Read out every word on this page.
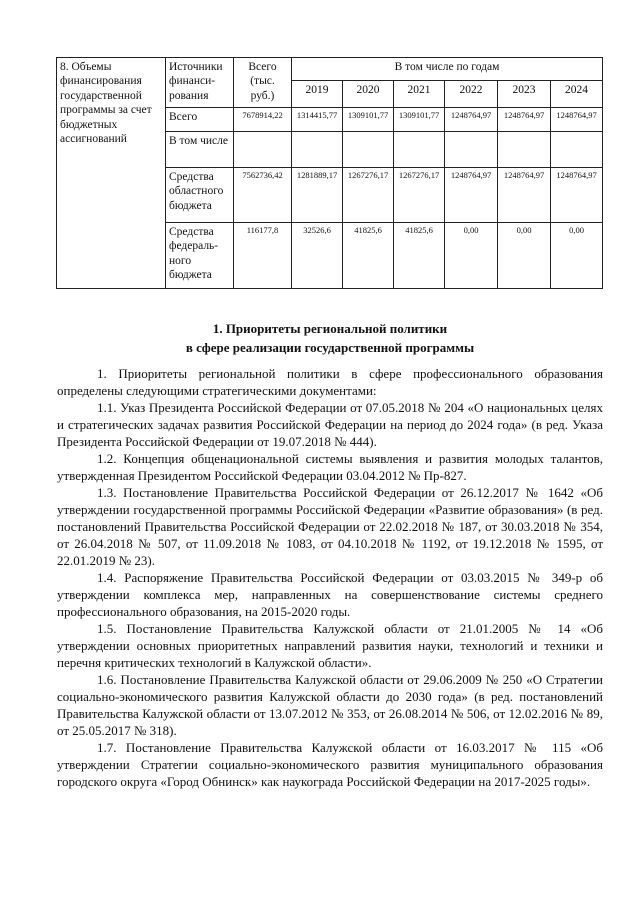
8. Объемы финансирования государственной программы за счет бюджетных ассигнований	Источники финанси-рования	Всего (тыс. руб.)	В том числе по годам					
			2019	2020	2021	2022	2023	2024
	Всего	7678914,22	1314415,77	1309101,77	1309101,77	1248764,97	1248764,97	1248764,97
	В том числе							
	Средства областного бюджета	7562736,42	1281889,17	1267276,17	1267276,17	1248764,97	1248764,97	1248764,97
	Средства федераль-ного бюджета	116177,8	32526,6	41825,6	41825,6	0,00	0,00	0,00
1. Приоритеты региональной политики
в сфере реализации государственной программы

1. Приоритеты региональной политики в сфере профессионального образования определены следующими стратегическими документами:

1.1. Указ Президента Российской Федерации от 07.05.2018 № 204 «О национальных целях и стратегических задачах развития Российской Федерации на период до 2024 года» (в ред. Указа Президента Российской Федерации от 19.07.2018 № 444).

1.2. Концепция общенациональной системы выявления и развития молодых талантов, утвержденная Президентом Российской Федерации 03.04.2012 № Пр-827.

1.3. Постановление Правительства Российской Федерации от 26.12.2017 № 1642 «Об утверждении государственной программы Российской Федерации «Развитие образования» (в ред. постановлений Правительства Российской Федерации от 22.02.2018 № 187, от 30.03.2018 № 354, от 26.04.2018 № 507, от 11.09.2018 № 1083, от 04.10.2018 № 1192, от 19.12.2018 № 1595, от 22.01.2019 № 23).

1.4. Распоряжение Правительства Российской Федерации от 03.03.2015 № 349-р об утверждении комплекса мер, направленных на совершенствование системы среднего профессионального образования, на 2015-2020 годы.

1.5. Постановление Правительства Калужской области от 21.01.2005 № 14 «Об утверждении основных приоритетных направлений развития науки, технологий и техники и перечня критических технологий в Калужской области».

1.6. Постановление Правительства Калужской области от 29.06.2009 № 250 «О Стратегии социально-экономического развития Калужской области до 2030 года» (в ред. постановлений Правительства Калужской области от 13.07.2012 № 353, от 26.08.2014 № 506, от 12.02.2016 № 89, от 25.05.2017 № 318).

1.7. Постановление Правительства Калужской области от 16.03.2017 № 115 «Об утверждении Стратегии социально-экономического развития муниципального образования городского округа «Город Обнинск» как наукограда Российской Федерации на 2017-2025 годы».
